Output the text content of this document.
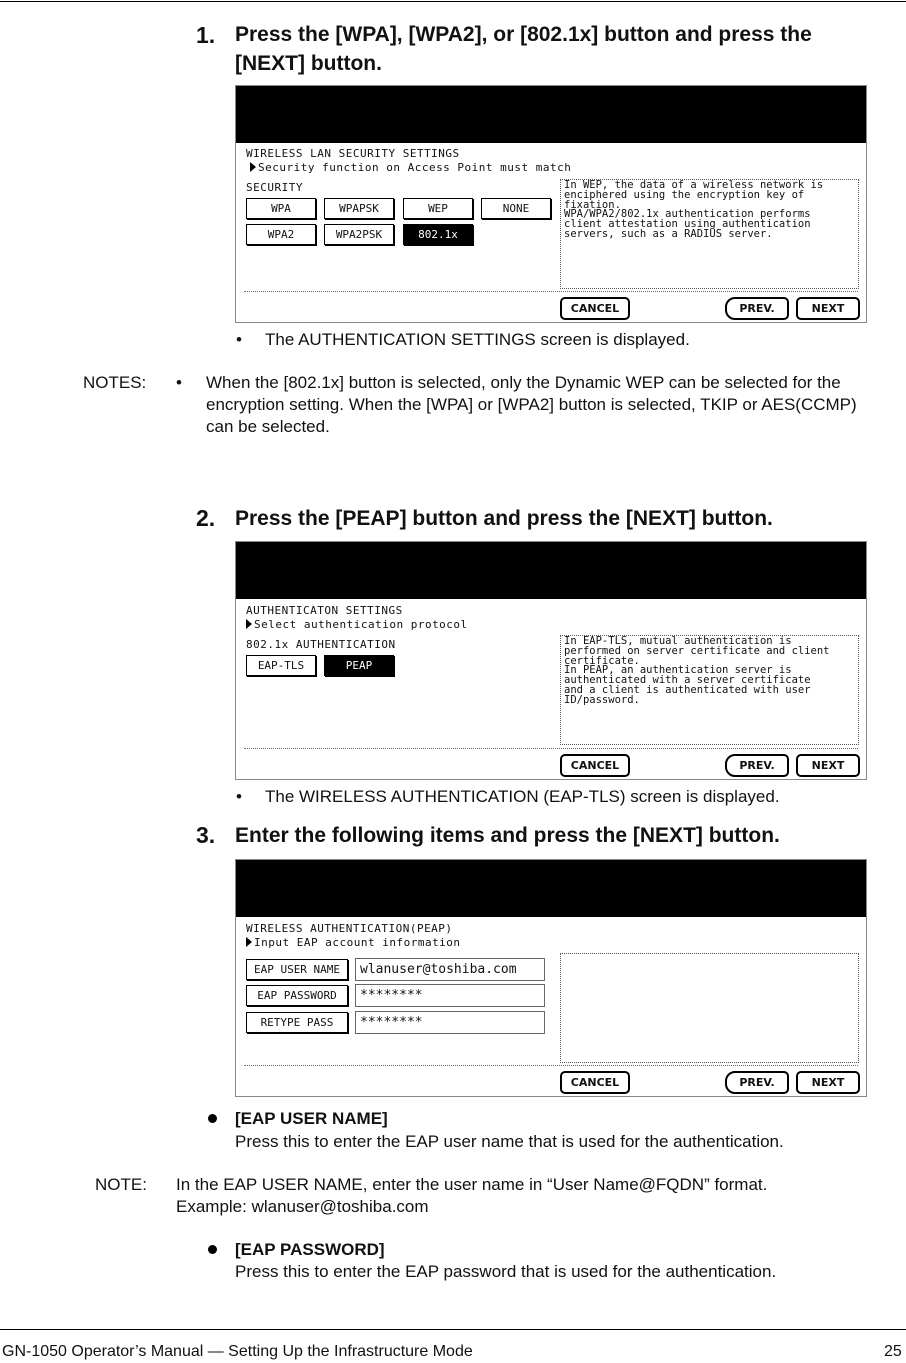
1. Press the [WPA], [WPA2], or [802.1x] button and press the [NEXT] button.
WIRELESS LAN SECURITY SETTINGS
Security function on Access Point must match
SECURITY
WPA	WPAPSK	WEP	NONE
WPA2	WPA2PSK	802.1x
In WEP, the data of a wireless network is
enciphered using the encryption key of
fixation.
WPA/WPA2/802.1x authentication performs
client attestation using authentication
servers, such as a RADIUS server.
CANCEL	PREV.	NEXT
• The AUTHENTICATION SETTINGS screen is displayed.
NOTES: • When the [802.1x] button is selected, only the Dynamic WEP can be selected for the encryption setting. When the [WPA] or [WPA2] button is selected, TKIP or AES(CCMP) can be selected.
2. Press the [PEAP] button and press the [NEXT] button.
AUTHENTICATON SETTINGS
Select authentication protocol
802.1x AUTHENTICATION
EAP-TLS	PEAP
In EAP-TLS, mutual authentication is
performed on server certificate and client
certificate.
In PEAP, an authentication server is
authenticated with a server certificate
and a client is authenticated with user
ID/password.
CANCEL	PREV.	NEXT
• The WIRELESS AUTHENTICATION (EAP-TLS) screen is displayed.
3. Enter the following items and press the [NEXT] button.
WIRELESS AUTHENTICATION(PEAP)
Input EAP account information
EAP USER NAME	wlanuser@toshiba.com
EAP PASSWORD	********
RETYPE PASS	********
CANCEL	PREV.	NEXT
[EAP USER NAME]
Press this to enter the EAP user name that is used for the authentication.
NOTE: In the EAP USER NAME, enter the user name in “User Name@FQDN” format.
Example: wlanuser@toshiba.com
[EAP PASSWORD]
Press this to enter the EAP password that is used for the authentication.
GN-1050 Operator’s Manual — Setting Up the Infrastructure Mode	25
